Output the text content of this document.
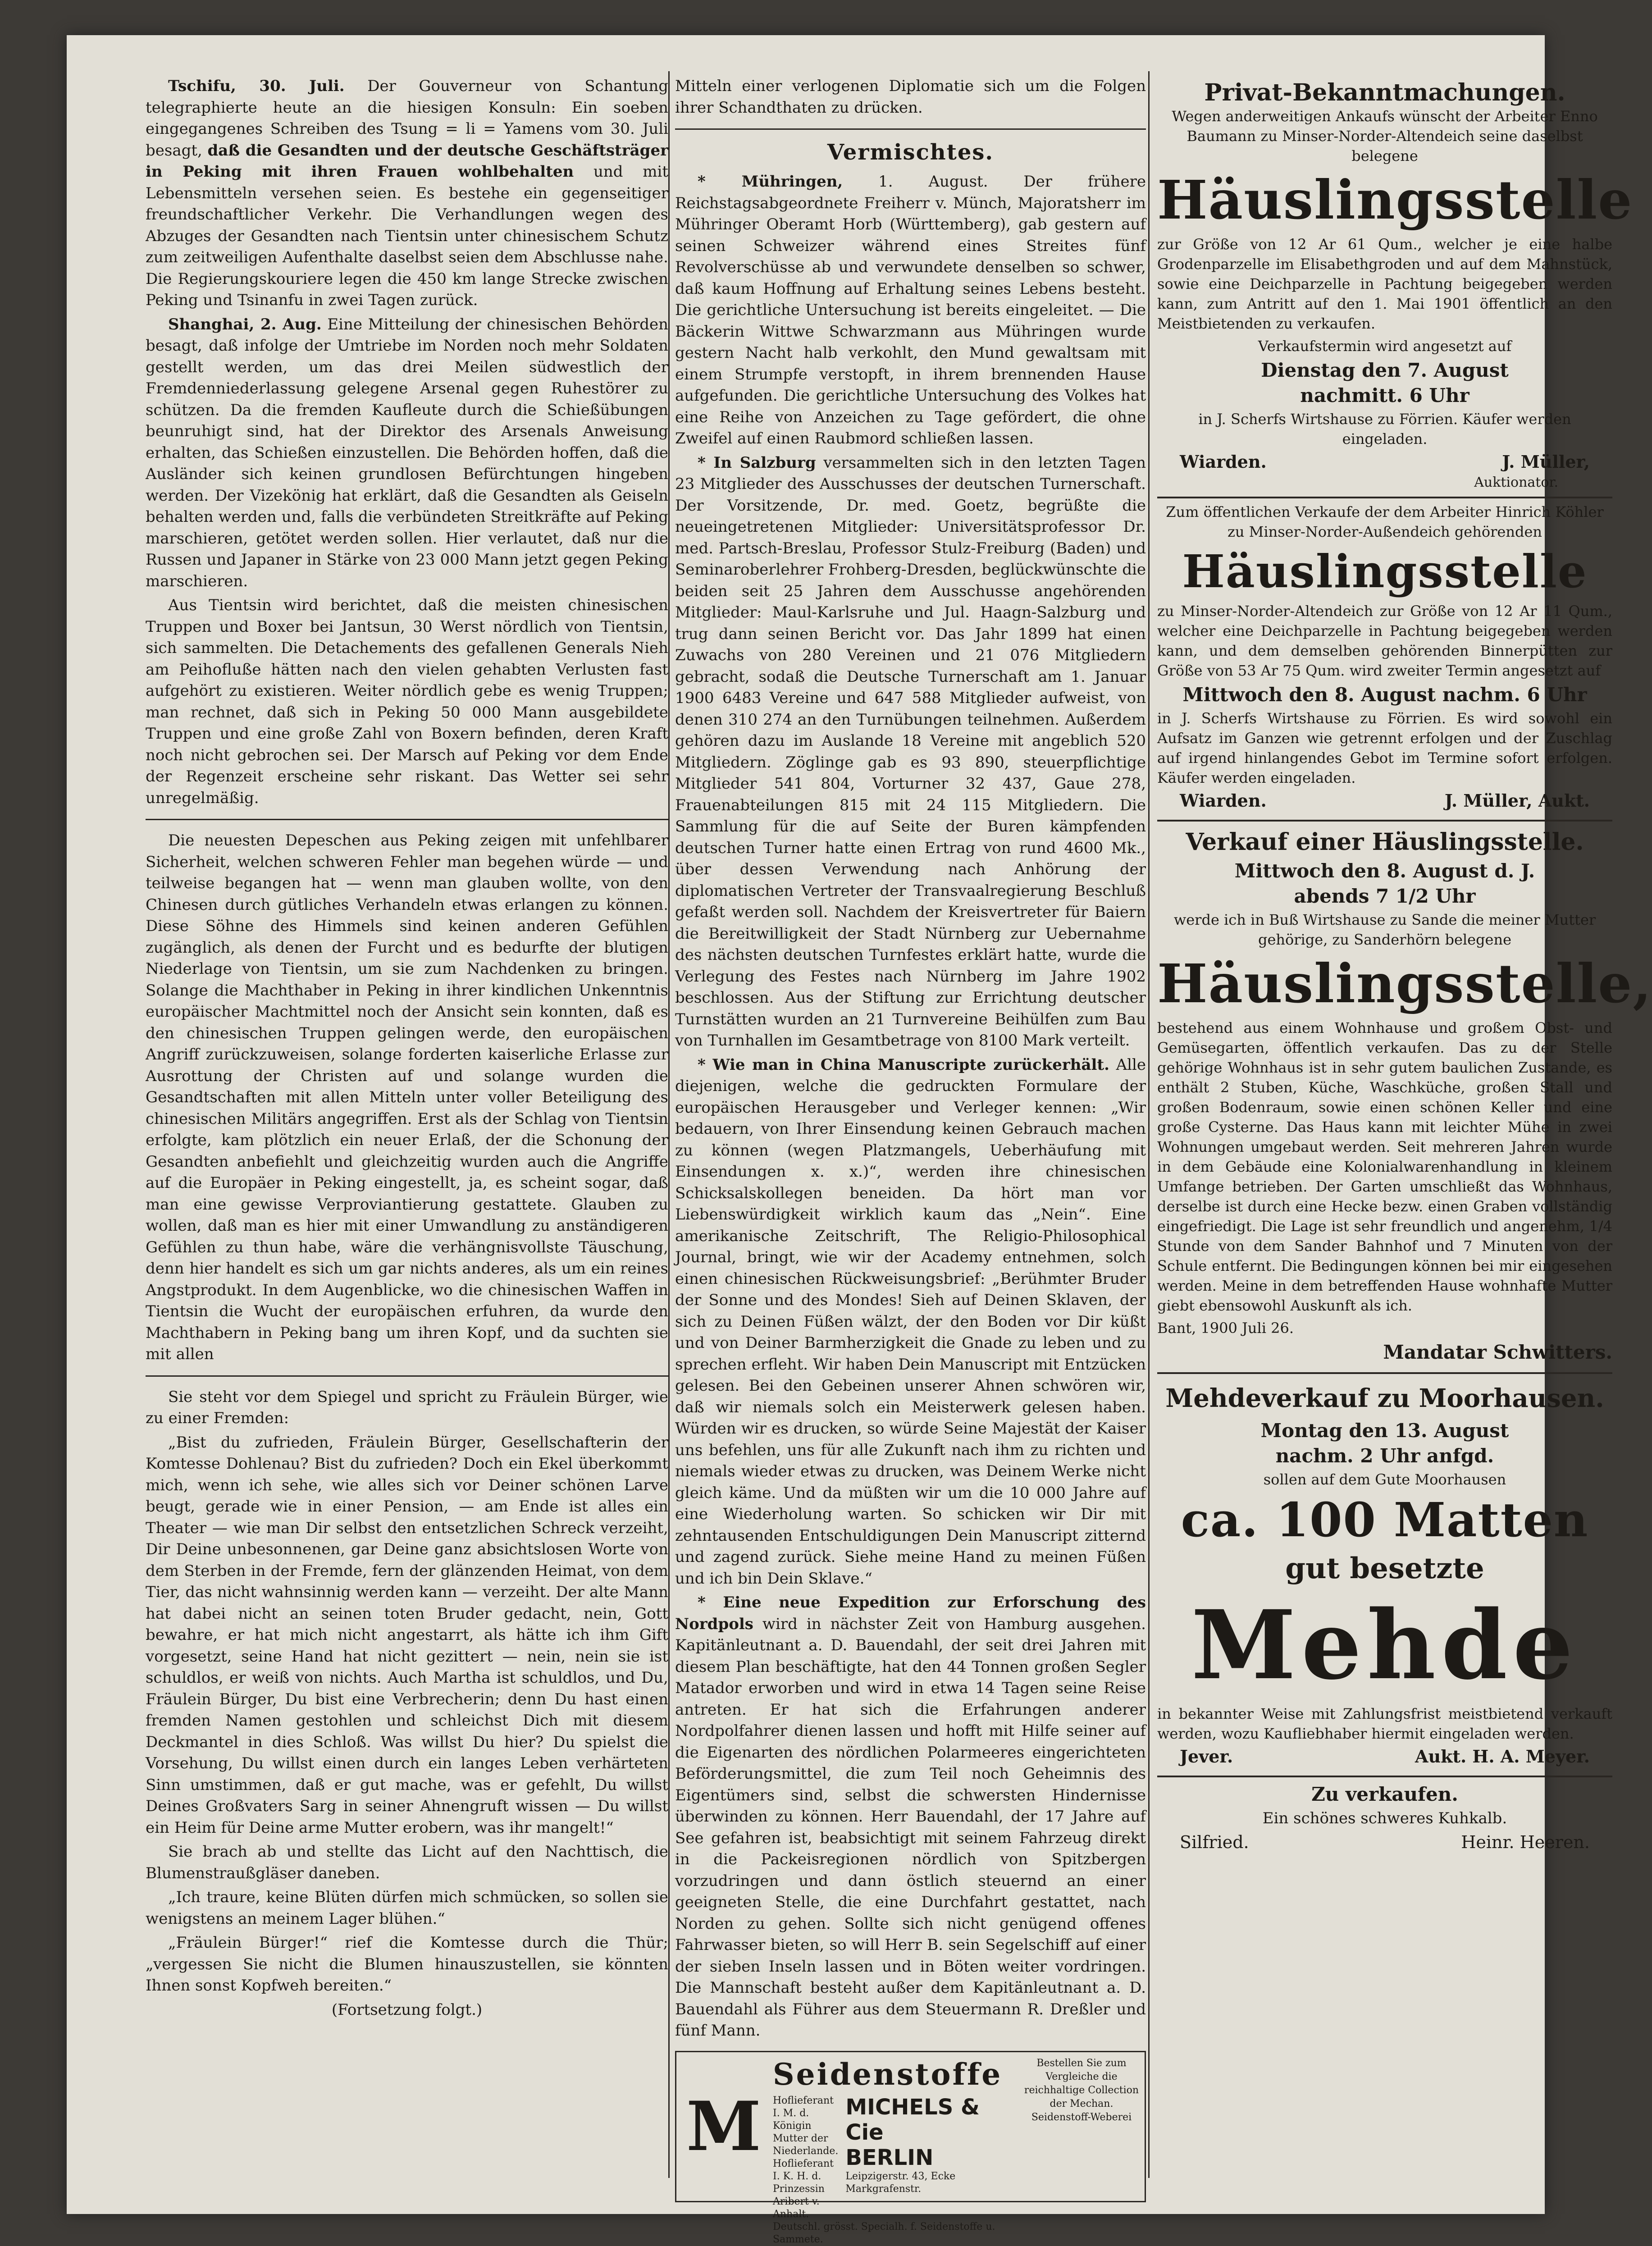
Tschifu, 30. Juli. Der Gouverneur von Schantung telegraphierte heute an die hiesigen Konsuln: Ein soeben eingegangenes Schreiben des Tsung = li = Yamens vom 30. Juli besagt, daß die Gesandten und der deutsche Geschäftsträger in Peking mit ihren Frauen wohlbehalten und mit Lebensmitteln versehen seien. Es bestehe ein gegenseitiger freundschaftlicher Verkehr. Die Verhandlungen wegen des Abzuges der Gesandten nach Tientsin unter chinesischem Schutz zum zeitweiligen Aufenthalte daselbst seien dem Abschlusse nahe. Die Regierungskouriere legen die 450 km lange Strecke zwischen Peking und Tsinanfu in zwei Tagen zurück.

Shanghai, 2. Aug. Eine Mitteilung der chinesischen Behörden besagt, daß infolge der Umtriebe im Norden noch mehr Soldaten gestellt werden, um das drei Meilen südwestlich der Fremdenniederlassung gelegene Arsenal gegen Ruhestörer zu schützen. Da die fremden Kaufleute durch die Schießübungen beunruhigt sind, hat der Direktor des Arsenals Anweisung erhalten, das Schießen einzustellen. Die Behörden hoffen, daß die Ausländer sich keinen grundlosen Befürchtungen hingeben werden. Der Vizekönig hat erklärt, daß die Gesandten als Geiseln behalten werden und, falls die verbündeten Streitkräfte auf Peking marschieren, getötet werden sollen. Hier verlautet, daß nur die Russen und Japaner in Stärke von 23 000 Mann jetzt gegen Peking marschieren.

Aus Tientsin wird berichtet, daß die meisten chinesischen Truppen und Boxer bei Jantsun, 30 Werst nördlich von Tientsin, sich sammelten. Die Detachements des gefallenen Generals Nieh am Peihofluße hätten nach den vielen gehabten Verlusten fast aufgehört zu existieren. Weiter nördlich gebe es wenig Truppen; man rechnet, daß sich in Peking 50 000 Mann ausgebildete Truppen und eine große Zahl von Boxern befinden, deren Kraft noch nicht gebrochen sei. Der Marsch auf Peking vor dem Ende der Regenzeit erscheine sehr riskant. Das Wetter sei sehr unregelmäßig.

Die neuesten Depeschen aus Peking zeigen mit unfehlbarer Sicherheit, welchen schweren Fehler man begehen würde — und teilweise begangen hat — wenn man glauben wollte, von den Chinesen durch gütliches Verhandeln etwas erlangen zu können. Diese Söhne des Himmels sind keinen anderen Gefühlen zugänglich, als denen der Furcht und es bedurfte der blutigen Niederlage von Tientsin, um sie zum Nachdenken zu bringen. Solange die Machthaber in Peking in ihrer kindlichen Unkenntnis europäischer Machtmittel noch der Ansicht sein konnten, daß es den chinesischen Truppen gelingen werde, den europäischen Angriff zurückzuweisen, solange forderten kaiserliche Erlasse zur Ausrottung der Christen auf und solange wurden die Gesandtschaften mit allen Mitteln unter voller Beteiligung des chinesischen Militärs angegriffen. Erst als der Schlag von Tientsin erfolgte, kam plötzlich ein neuer Erlaß, der die Schonung der Gesandten anbefiehlt und gleichzeitig wurden auch die Angriffe auf die Europäer in Peking eingestellt, ja, es scheint sogar, daß man eine gewisse Verproviantierung gestattete. Glauben zu wollen, daß man es hier mit einer Umwandlung zu anständigeren Gefühlen zu thun habe, wäre die verhängnisvollste Täuschung, denn hier handelt es sich um gar nichts anderes, als um ein reines Angstprodukt. In dem Augenblicke, wo die chinesischen Waffen in Tientsin die Wucht der europäischen erfuhren, da wurde den Machthabern in Peking bang um ihren Kopf, und da suchten sie mit allen

Sie steht vor dem Spiegel und spricht zu Fräulein Bürger, wie zu einer Fremden:

„Bist du zufrieden, Fräulein Bürger, Gesellschafterin der Komtesse Dohlenau? Bist du zufrieden? Doch ein Ekel überkommt mich, wenn ich sehe, wie alles sich vor Deiner schönen Larve beugt, gerade wie in einer Pension, — am Ende ist alles ein Theater — wie man Dir selbst den entsetzlichen Schreck verzeiht, Dir Deine unbesonnenen, gar Deine ganz absichtslosen Worte von dem Sterben in der Fremde, fern der glänzenden Heimat, von dem Tier, das nicht wahnsinnig werden kann — verzeiht. Der alte Mann hat dabei nicht an seinen toten Bruder gedacht, nein, Gott bewahre, er hat mich nicht angestarrt, als hätte ich ihm Gift vorgesetzt, seine Hand hat nicht gezittert — nein, nein sie ist schuldlos, er weiß von nichts. Auch Martha ist schuldlos, und Du, Fräulein Bürger, Du bist eine Verbrecherin; denn Du hast einen fremden Namen gestohlen und schleichst Dich mit diesem Deckmantel in dies Schloß. Was willst Du hier? Du spielst die Vorsehung, Du willst einen durch ein langes Leben verhärteten Sinn umstimmen, daß er gut mache, was er gefehlt, Du willst Deines Großvaters Sarg in seiner Ahnengruft wissen — Du willst ein Heim für Deine arme Mutter erobern, was ihr mangelt!“

Sie brach ab und stellte das Licht auf den Nachttisch, die Blumenstraußgläser daneben.

„Ich traure, keine Blüten dürfen mich schmücken, so sollen sie wenigstens an meinem Lager blühen.“

„Fräulein Bürger!“ rief die Komtesse durch die Thür; „vergessen Sie nicht die Blumen hinauszustellen, sie könnten Ihnen sonst Kopfweh bereiten.“

(Fortsetzung folgt.)

Mitteln einer verlogenen Diplomatie sich um die Folgen ihrer Schandthaten zu drücken.

Vermischtes.

* Mühringen, 1. August. Der frühere Reichstagsabgeordnete Freiherr v. Münch, Majoratsherr im Mühringer Oberamt Horb (Württemberg), gab gestern auf seinen Schweizer während eines Streites fünf Revolverschüsse ab und verwundete denselben so schwer, daß kaum Hoffnung auf Erhaltung seines Lebens besteht. Die gerichtliche Untersuchung ist bereits eingeleitet. — Die Bäckerin Wittwe Schwarzmann aus Mühringen wurde gestern Nacht halb verkohlt, den Mund gewaltsam mit einem Strumpfe verstopft, in ihrem brennenden Hause aufgefunden. Die gerichtliche Untersuchung des Volkes hat eine Reihe von Anzeichen zu Tage gefördert, die ohne Zweifel auf einen Raubmord schließen lassen.

* In Salzburg versammelten sich in den letzten Tagen 23 Mitglieder des Ausschusses der deutschen Turnerschaft. Der Vorsitzende, Dr. med. Goetz, begrüßte die neueingetretenen Mitglieder: Universitätsprofessor Dr. med. Partsch-Breslau, Professor Stulz-Freiburg (Baden) und Seminaroberlehrer Frohberg-Dresden, beglückwünschte die beiden seit 25 Jahren dem Ausschusse angehörenden Mitglieder: Maul-Karlsruhe und Jul. Haagn-Salzburg und trug dann seinen Bericht vor. Das Jahr 1899 hat einen Zuwachs von 280 Vereinen und 21 076 Mitgliedern gebracht, sodaß die Deutsche Turnerschaft am 1. Januar 1900 6483 Vereine und 647 588 Mitglieder aufweist, von denen 310 274 an den Turnübungen teilnehmen. Außerdem gehören dazu im Auslande 18 Vereine mit angeblich 520 Mitgliedern. Zöglinge gab es 93 890, steuerpflichtige Mitglieder 541 804, Vorturner 32 437, Gaue 278, Frauenabteilungen 815 mit 24 115 Mitgliedern. Die Sammlung für die auf Seite der Buren kämpfenden deutschen Turner hatte einen Ertrag von rund 4600 Mk., über dessen Verwendung nach Anhörung der diplomatischen Vertreter der Transvaalregierung Beschluß gefaßt werden soll. Nachdem der Kreisvertreter für Baiern die Bereitwilligkeit der Stadt Nürnberg zur Uebernahme des nächsten deutschen Turnfestes erklärt hatte, wurde die Verlegung des Festes nach Nürnberg im Jahre 1902 beschlossen. Aus der Stiftung zur Errichtung deutscher Turnstätten wurden an 21 Turnvereine Beihülfen zum Bau von Turnhallen im Gesamtbetrage von 8100 Mark verteilt.

* Wie man in China Manuscripte zurückerhält. Alle diejenigen, welche die gedruckten Formulare der europäischen Herausgeber und Verleger kennen: „Wir bedauern, von Ihrer Einsendung keinen Gebrauch machen zu können (wegen Platzmangels, Ueberhäufung mit Einsendungen x. x.)“, werden ihre chinesischen Schicksalskollegen beneiden. Da hört man vor Liebenswürdigkeit wirklich kaum das „Nein“. Eine amerikanische Zeitschrift, The Religio-Philosophical Journal, bringt, wie wir der Academy entnehmen, solch einen chinesischen Rückweisungsbrief: „Berühmter Bruder der Sonne und des Mondes! Sieh auf Deinen Sklaven, der sich zu Deinen Füßen wälzt, der den Boden vor Dir küßt und von Deiner Barmherzigkeit die Gnade zu leben und zu sprechen erfleht. Wir haben Dein Manuscript mit Entzücken gelesen. Bei den Gebeinen unserer Ahnen schwören wir, daß wir niemals solch ein Meisterwerk gelesen haben. Würden wir es drucken, so würde Seine Majestät der Kaiser uns befehlen, uns für alle Zukunft nach ihm zu richten und niemals wieder etwas zu drucken, was Deinem Werke nicht gleich käme. Und da müßten wir um die 10 000 Jahre auf eine Wiederholung warten. So schicken wir Dir mit zehntausenden Entschuldigungen Dein Manuscript zitternd und zagend zurück. Siehe meine Hand zu meinen Füßen und ich bin Dein Sklave.“

* Eine neue Expedition zur Erforschung des Nordpols wird in nächster Zeit von Hamburg ausgehen. Kapitänleutnant a. D. Bauendahl, der seit drei Jahren mit diesem Plan beschäftigte, hat den 44 Tonnen großen Segler Matador erworben und wird in etwa 14 Tagen seine Reise antreten. Er hat sich die Erfahrungen anderer Nordpolfahrer dienen lassen und hofft mit Hilfe seiner auf die Eigenarten des nördlichen Polarmeeres eingerichteten Beförderungsmittel, die zum Teil noch Geheimnis des Eigentümers sind, selbst die schwersten Hindernisse überwinden zu können. Herr Bauendahl, der 17 Jahre auf See gefahren ist, beabsichtigt mit seinem Fahrzeug direkt in die Packeisregionen nördlich von Spitzbergen vorzudringen und dann östlich steuernd an einer geeigneten Stelle, die eine Durchfahrt gestattet, nach Norden zu gehen. Sollte sich nicht genügend offenes Fahrwasser bieten, so will Herr B. sein Segelschiff auf einer der sieben Inseln lassen und in Böten weiter vordringen. Die Mannschaft besteht außer dem Kapitänleutnant a. D. Bauendahl als Führer aus dem Steuermann R. Dreßler und fünf Mann.

M
Seidenstoffe
Hoflieferant I. M. d. Königin Mutter der Niederlande. Hoflieferant I. K. H. d. Prinzessin Aribert v. Anhalt.
MICHELS & Cie
BERLIN
Leipzigerstr. 43, Ecke Markgrafenstr.
Deutschl. grösst. Specialh. f. Seidenstoffe u. Sammete.
Bestellen Sie zum Vergleiche die reichhaltige Collection der Mechan. Seidenstoff-Weberei
Privat-Bekanntmachungen.

Wegen anderweitigen Ankaufs wünscht der Arbeiter Enno Baumann zu Minser-Norder-Altendeich seine daselbst belegene

Häuslingsstelle

zur Größe von 12 Ar 61 Qum., welcher je eine halbe Grodenparzelle im Elisabethgroden und auf dem Mahnstück, sowie eine Deichparzelle in Pachtung beigegeben werden kann, zum Antritt auf den 1. Mai 1901 öffentlich an den Meistbietenden zu verkaufen.

Verkaufstermin wird angesetzt auf

Dienstag den 7. August
nachmitt. 6 Uhr

in J. Scherfs Wirtshause zu Förrien. Käufer werden eingeladen.

Wiarden.	J. Müller,
Auktionator.

Zum öffentlichen Verkaufe der dem Arbeiter Hinrich Köhler zu Minser-Norder-Außendeich gehörenden

Häuslingsstelle

zu Minser-Norder-Altendeich zur Größe von 12 Ar 11 Qum., welcher eine Deichparzelle in Pachtung beigegeben werden kann, und dem demselben gehörenden Binnerpütten zur Größe von 53 Ar 75 Qum. wird zweiter Termin angesetzt auf

Mittwoch den 8. August nachm. 6 Uhr

in J. Scherfs Wirtshause zu Förrien. Es wird sowohl ein Aufsatz im Ganzen wie getrennt erfolgen und der Zuschlag auf irgend hinlangendes Gebot im Termine sofort erfolgen. Käufer werden eingeladen.

Wiarden.	J. Müller, Aukt.
Verkauf einer Häuslingsstelle.
Mittwoch den 8. August d. J.
abends 7 1/2 Uhr

werde ich in Buß Wirtshause zu Sande die meiner Mutter gehörige, zu Sanderhörn belegene

Häuslingsstelle,

bestehend aus einem Wohnhause und großem Obst- und Gemüsegarten, öffentlich verkaufen. Das zu der Stelle gehörige Wohnhaus ist in sehr gutem baulichen Zustande, es enthält 2 Stuben, Küche, Waschküche, großen Stall und großen Bodenraum, sowie einen schönen Keller und eine große Cysterne. Das Haus kann mit leichter Mühe in zwei Wohnungen umgebaut werden. Seit mehreren Jahren wurde in dem Gebäude eine Kolonialwarenhandlung in kleinem Umfange betrieben. Der Garten umschließt das Wohnhaus, derselbe ist durch eine Hecke bezw. einen Graben vollständig eingefriedigt. Die Lage ist sehr freundlich und angenehm, 1/4 Stunde von dem Sander Bahnhof und 7 Minuten von der Schule entfernt. Die Bedingungen können bei mir eingesehen werden. Meine in dem betreffenden Hause wohnhafte Mutter giebt ebensowohl Auskunft als ich.

Bant, 1900 Juli 26.

Mandatar Schwitters.
Mehdeverkauf zu Moorhausen.
Montag den 13. August
nachm. 2 Uhr anfgd.

sollen auf dem Gute Moorhausen

ca. 100 Matten
gut besetzte
Mehde

in bekannter Weise mit Zahlungsfrist meistbietend verkauft werden, wozu Kaufliebhaber hiermit eingeladen werden.

Jever.	Aukt. H. A. Meyer.
Zu verkaufen.

Ein schönes schweres Kuhkalb.

Silfried.	Heinr. Heeren.
